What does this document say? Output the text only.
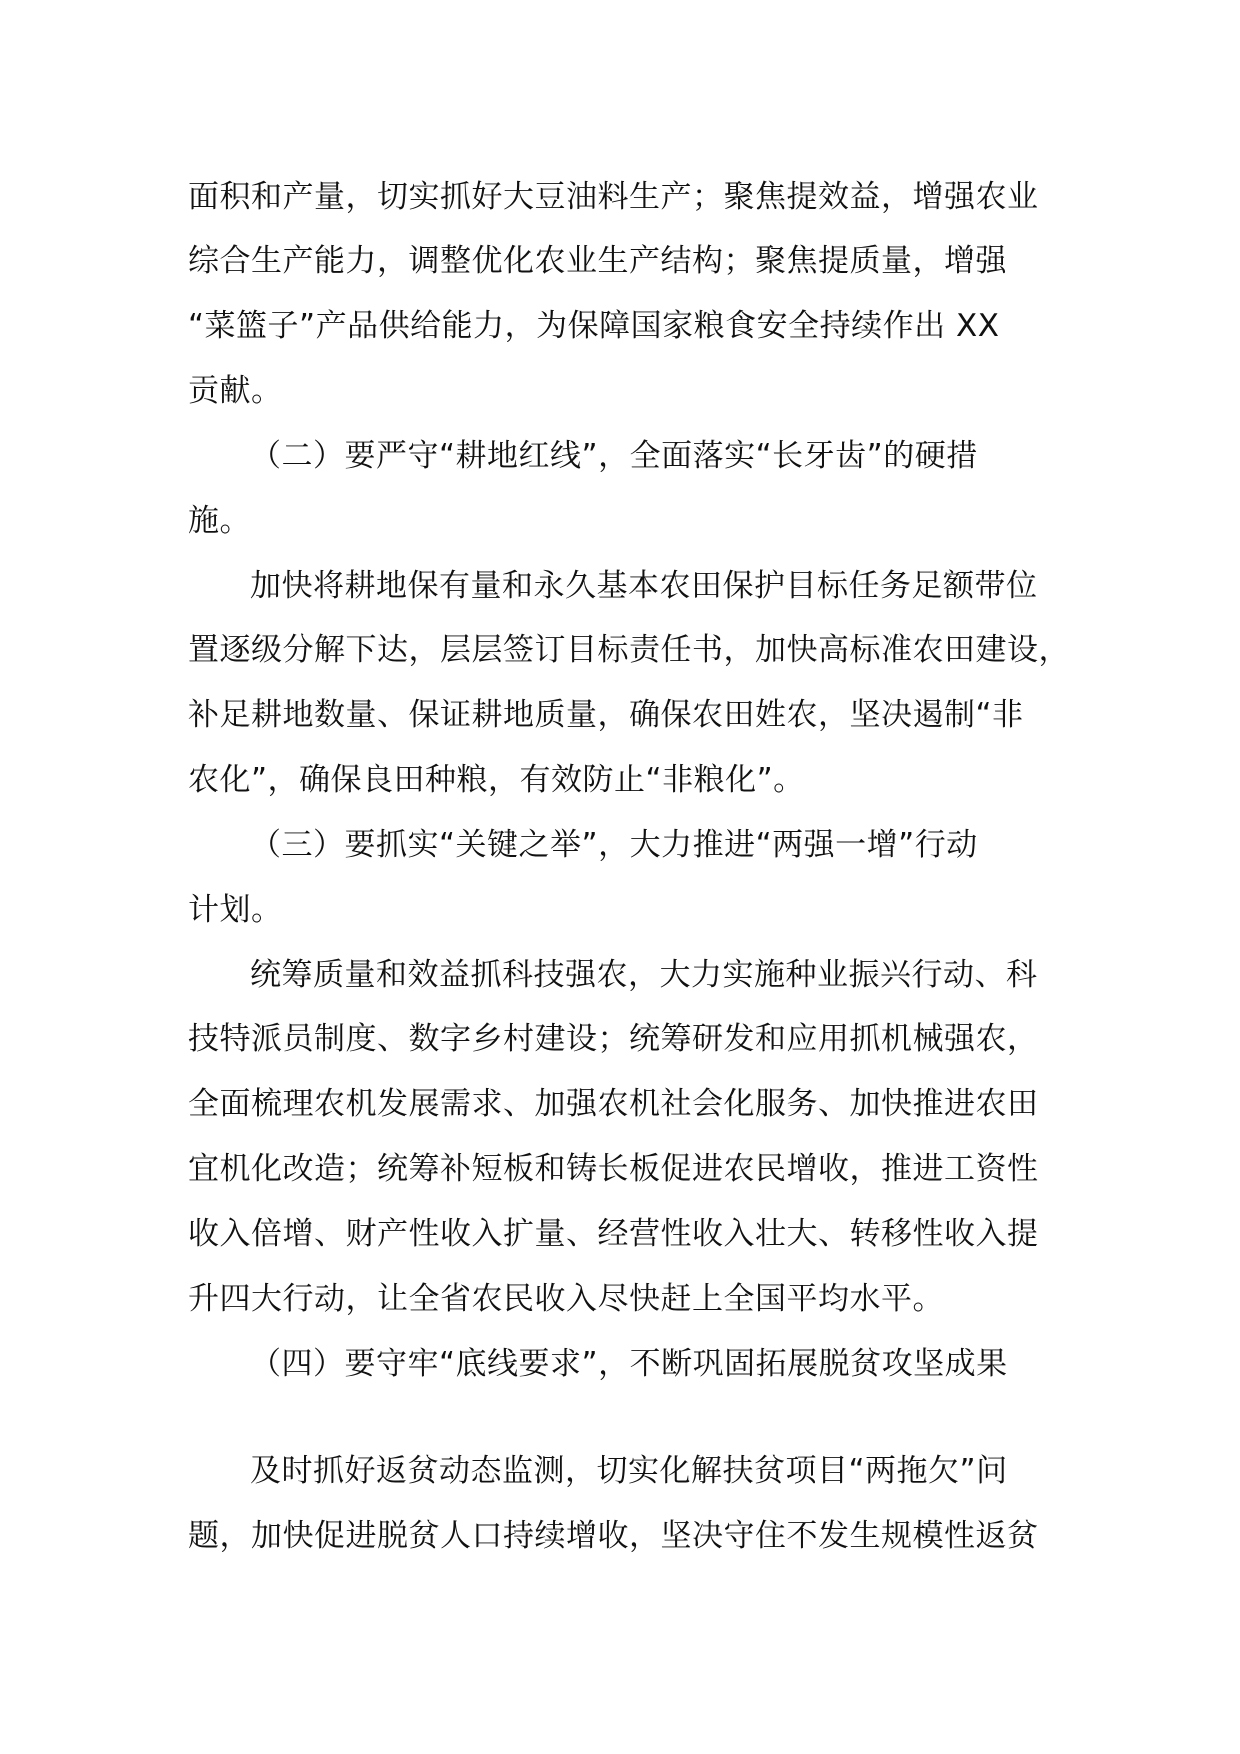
面积和产量，切实抓好大豆油料生产；聚焦提效益，增强农业
综合生产能力，调整优化农业生产结构；聚焦提质量，增强
“菜篮子”产品供给能力，为保障国家粮食安全持续作出 XX
贡献。
（二）要严守“耕地红线”，全面落实“长牙齿”的硬措
施。
加快将耕地保有量和永久基本农田保护目标任务足额带位
置逐级分解下达，层层签订目标责任书，加快高标准农田建设，
补足耕地数量、保证耕地质量，确保农田姓农，坚决遏制“非
农化”，确保良田种粮，有效防止“非粮化”。
（三）要抓实“关键之举”，大力推进“两强一增”行动
计划。
统筹质量和效益抓科技强农，大力实施种业振兴行动、科
技特派员制度、数字乡村建设；统筹研发和应用抓机械强农，
全面梳理农机发展需求、加强农机社会化服务、加快推进农田
宜机化改造；统筹补短板和铸长板促进农民增收，推进工资性
收入倍增、财产性收入扩量、经营性收入壮大、转移性收入提
升四大行动，让全省农民收入尽快赶上全国平均水平。
（四）要守牢“底线要求”，不断巩固拓展脱贫攻坚成果
及时抓好返贫动态监测，切实化解扶贫项目“两拖欠”问
题，加快促进脱贫人口持续增收，坚决守住不发生规模性返贫
